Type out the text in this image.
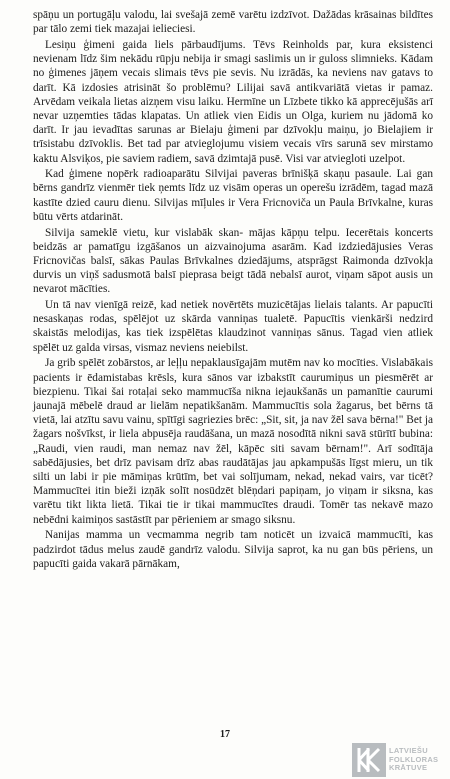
spāņu un portugāļu valodu, lai svešajā zemē varētu izdzīvot. Dažādas krāsainas bildītes par tālo zemi tiek mazajai ielieciesi.

Lesiņu ģimeni gaida liels pārbaudījums. Tēvs Reinholds par, kura eksistenci nevienam līdz šim nekādu rūpju nebija ir smagi saslimis un ir guloss slimnieks. Kādam no ģimenes jāņem vecais slimais tēvs pie sevis. Nu izrādās, ka neviens nav gatavs to darīt. Kā izdosies atrisināt šo problēmu? Lilijai savā antikvariātā vietas ir pamaz. Arvēdam veikala lietas aizņem visu laiku. Hermīne un Līzbete tikko kā apprecējušās arī nevar uzņemties tādas klapatas. Un atliek vien Eidis un Olga, kuriem nu jādomā ko darīt. Ir jau ievadītas sarunas ar Bielaju ģimeni par dzīvokļu maiņu, jo Bielajiem ir trīsistabu dzīvoklis. Bet tad par atvieglojumu visiem vecais vīrs sarunā sev mirstamo kaktu Alsviķos, pie saviem radiem, savā dzimtajā pusē. Visi var atviegloti uzelpot.

Kad ģimene nopērk radioaparātu Silvijai paveras brīnišķā skaņu pasaule. Lai gan bērns gandrīz vienmēr tiek ņemts līdz uz visām operas un operešu izrādēm, tagad mazā kastīte dzied cauru dienu. Silvijas mīļules ir Vera Fricnoviča un Paula Brīvkalne, kuras būtu vērts atdarināt.

Silvija sameklē vietu, kur vislabāk skan- mājas kāpņu telpu. Iecerētais koncerts beidzās ar pamatīgu izgāšanos un aizvainojuma asarām. Kad izdziedājusies Veras Fricnovičas balsī, sākas Paulas Brīvkalnes dziedājums, atsprāgst Raimonda dzīvokļa durvis un viņš sadusmotā balsī pieprasa beigt tādā nebalsī aurot, viņam sāpot ausis un nevarot mācīties.

Un tā nav vienīgā reizē, kad netiek novērtēts muzicētājas lielais talants. Ar papucīti nesaskaņas rodas, spēlējot uz skārda vanniņas tualetē. Papucītis vienkārši nedzird skaistās melodijas, kas tiek izspēlētas klaudzinot vanniņas sānus. Tagad vien atliek spēlēt uz galda virsas, vismaz neviens neiebilst.

Ja grib spēlēt zobārstos, ar leļļu nepaklausīgajām mutēm nav ko mocīties. Vislabākais pacients ir ēdamistabas krēsls, kura sānos var izbakstīt caurumiņus un piesmērēt ar biezpienu. Tikai šai rotaļai seko mammucīša nikna iejaukšanās un pamanītie caurumi jaunajā mēbelē draud ar lielām nepatikšanām. Mammucītis sola žagarus, bet bērns tā vietā, lai atzītu savu vainu, spītīgi sagriezies brēc: „Sit, sit, ja nav žēl sava bērna!" Bet ja žagars nošvīkst, ir liela abpusēja raudāšana, un mazā nosodītā nikni savā stūrītī bubina: „Raudi, vien raudi, man nemaz nav žēl, kāpēc siti savam bērnam!". Arī sodītāja sabēdājusies, bet drīz pavisam drīz abas raudātājas jau apkampušās līgst mieru, un tik silti un labi ir pie māmiņas krūtīm, bet vai solījumam, nekad, nekad vairs, var ticēt? Mammucītei itin bieži izņāk solīt nosūdzēt blēņdari papiņam, jo viņam ir siksna, kas varētu tikt likta lietā. Tikai tie ir tikai mammucītes draudi. Tomēr tas nekavē mazo nebēdni kaimiņos sastāstīt par pērieniem ar smago siksnu.

Nanijas mamma un vecmamma negrib tam noticēt un izvaicā mammucīti, kas padzirdot tādus melus zaudē gandrīz valodu. Silvija saprot, ka nu gan būs pēriens, un papucīti gaida vakarā pārnākam,

17
LATVIEŠU
FOLKLORAS
KRĀTUVE
